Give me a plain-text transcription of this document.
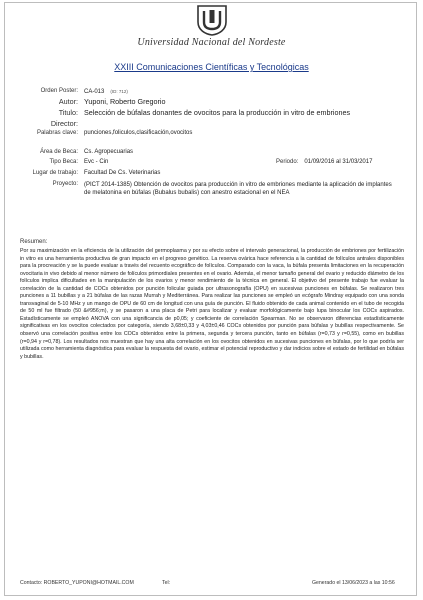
Universidad Nacional del Nordeste
XXIII Comunicaciones Científicas y Tecnológicas
Orden Poster: CA-013 (ID: 712)
Autor: Yuponi, Roberto Gregorio
Titulo: Selección de búfalas donantes de ovocitos para la producción in vitro de embriones
Director:
Palabras clave: punciones,foliculos,clasificación,ovocitos
Área de Beca: Cs. Agropecuarias
Tipo Beca: Evc - Cin	Periodo: 01/09/2016 al 31/03/2017
Lugar de trabajo: Facultad De Cs. Veterinarias
Proyecto: (PICT 2014-1385) Obtención de ovocitos para producción in vitro de embriones mediante la aplicación de implantes de melatonina en búfalas (Bubalus bubalis) con anestro estacional en el NEA
Resumen:
Por su maximización en la eficiencia de la utilización del germoplasma y por su efecto sobre el intervalo generacional, la producción de embriones por fertilización in vitro es una herramienta productiva de gran impacto en el progreso genético. La reserva ovárica hace referencia a la cantidad de folículos antrales disponibles para la procreación y se la puede evaluar a través del recuento ecográfico de folículos. Comparado con la vaca, la búfala presenta limitaciones en la recuperación ovocitaria in vivo debido al menor número de folículos primordiales presentes en el ovario. Además, el menor tamaño general del ovario y reducido diámetro de los folículos implica dificultades en la manipulación de los ovarios y menor rendimiento de la técnica en general. El objetivo del presente trabajo fue evaluar la correlación de la cantidad de COCs obtenidos por punción folicular guiada por ultrasonografía (OPU) en sucesivas punciones en búfalas. Se realizaron tres punciones a 11 bubillas y a 21 búfalas de las razas Murrah y Mediterránea. Para realizar las punciones se empleó un ecógrafo Mindray equipado con una sonda transvaginal de 5-10 MHz y un mango de OPU de 60 cm de longitud con una guía de punción. El fluido obtenido de cada animal contenido en el tubo de recogida de 50 ml fue filtrado (50 &#956;m), y se pasaron a una placa de Petri para localizar y evaluar morfológicamente bajo lupa binocular los COCs aspirados. Estadísticamente se empleó ANOVA con una significancia de p0,05; y coeficiente de correlación Spearman. No se observaron diferencias estadísticamente significativas en los ovocitos colectados por categoría, siendo 3,68±0,33 y 4,03±0,46 COCs obtenidos por punción para búfalas y bubillas respectivamente. Se observó una correlación positiva entre los COCs obtenidos entre la primera, segunda y tercera punción, tanto en búfalas (r=0,73 y r=0,55), como en bubillas (r=0,94 y r=0,78). Los resultados nos muestran que hay una alta correlación en los ovocitos obtenidos en sucesivas punciones en búfalas, por lo que podría ser utilizada como herramienta diagnóstica para evaluar la respuesta del ovario, estimar el potencial reproductivo y dar indicios sobre el estado de fertilidad en búfalas y bubillas.
Contacto: ROBERTO_YUPONI@HOTMAIL.COM	Tel:	Generado el 13/06/2023 a las 10:56
